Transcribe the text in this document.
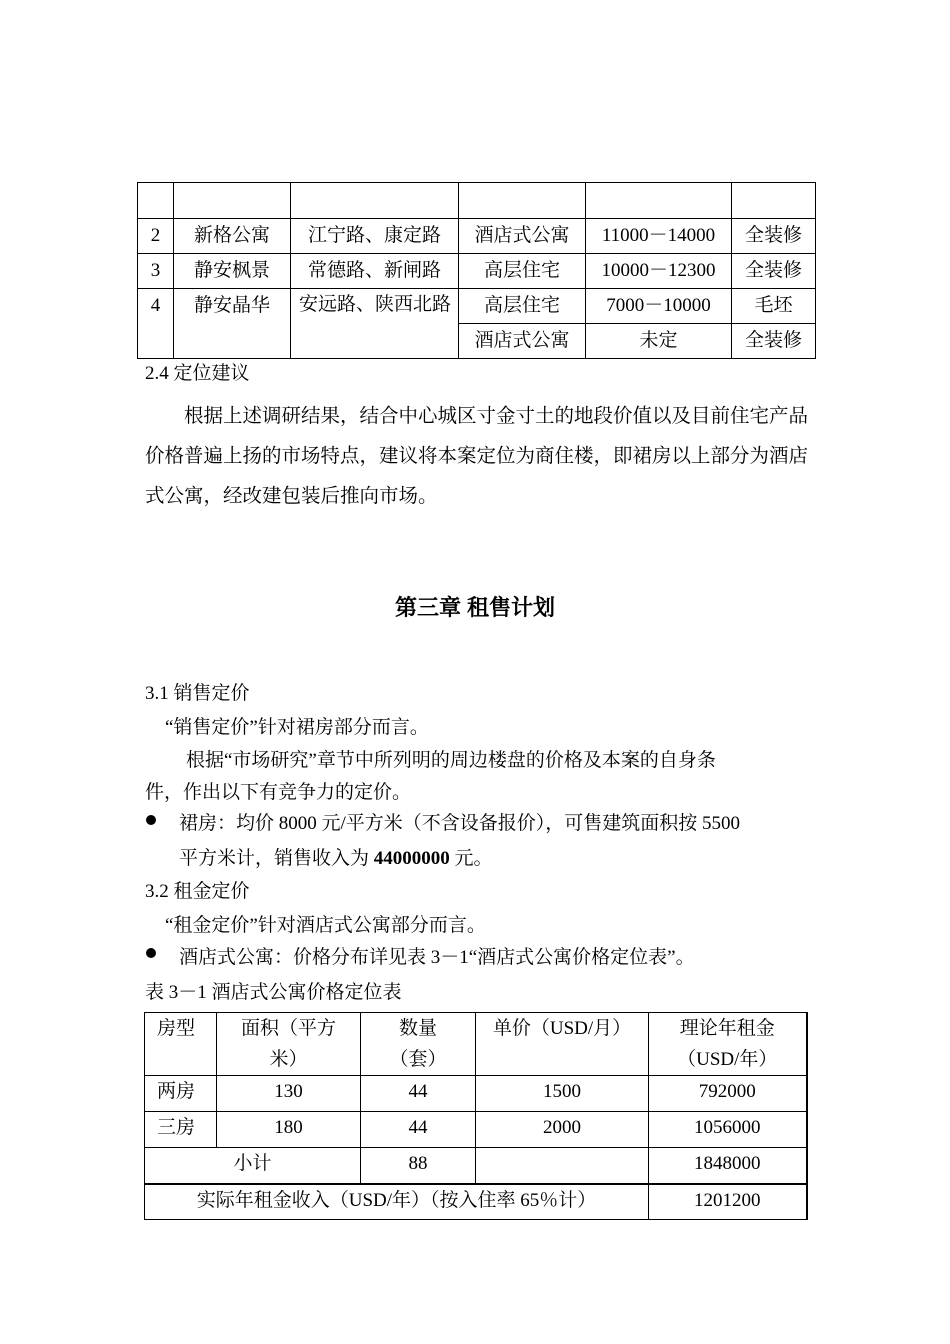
2	新格公寓	江宁路、康定路	酒店式公寓	11000－14000	全装修
3	静安枫景	常德路、新闸路	高层住宅	10000－12300	全装修
4	静安晶华	安远路、陕西北路	高层住宅	7000－10000	毛坯
			酒店式公寓	未定	全装修
2.4 定位建议
根据上述调研结果，结合中心城区寸金寸土的地段价值以及目前住宅产品价格普遍上扬的市场特点，建议将本案定位为商住楼，即裙房以上部分为酒店式公寓，经改建包装后推向市场。
第三章 租售计划
3.1 销售定价
“销售定价”针对裙房部分而言。
根据“市场研究”章节中所列明的周边楼盘的价格及本案的自身条
件，作出以下有竞争力的定价。
裙房：均价 8000 元/平方米（不含设备报价），可售建筑面积按 5500
平方米计，销售收入为 44000000 元。
3.2 租金定价
“租金定价”针对酒店式公寓部分而言。
酒店式公寓：价格分布详见表 3－1“酒店式公寓价格定位表”。
表 3－1 酒店式公寓价格定位表
房型	面积（平方
米）	数量
（套）	单价（USD/月）	理论年租金
（USD/年）
两房	130	44	1500	792000
三房	180	44	2000	1056000
小计		88		1848000
实际年租金收入（USD/年）（按入住率 65％计）				1201200
